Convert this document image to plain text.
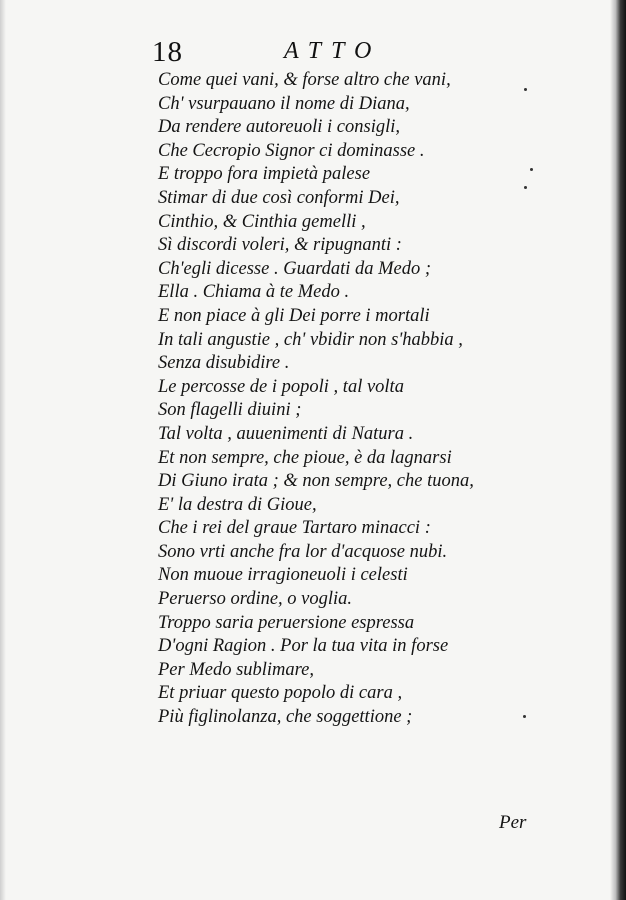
18	ATTO
Come quei vani, & forse altro che vani,
Ch' vsurpauano il nome di Diana,
Da rendere autoreuoli i consigli,
Che Cecropio Signor ci dominasse .
E troppo fora impietà palese
Stimar di due così conformi Dei,
Cinthio, & Cinthia gemelli ,
Sì discordi voleri, & ripugnanti :
Ch'egli dicesse . Guardati da Medo ;
Ella . Chiama à te Medo .
E non piace à gli Dei porre i mortali
In tali angustie , ch' vbidir non s'habbia ,
Senza disubidire .
Le percosse de i popoli , tal volta
Son flagelli diuini ;
Tal volta , auuenimenti di Natura .
Et non sempre, che pioue, è da lagnarsi
Di Giuno irata ; & non sempre, che tuona,
E' la destra di Gioue,
Che i rei del graue Tartaro minacci :
Sono vrti anche fra lor d'acquose nubi.
Non muoue irragioneuoli i celesti
Peruerso ordine, o voglia.
Troppo saria peruersione espressa
D'ogni Ragion . Por la tua vita in forse
Per Medo sublimare,
Et priuar questo popolo di cara ,
Più figlinolanza, che soggettione ;
Per
